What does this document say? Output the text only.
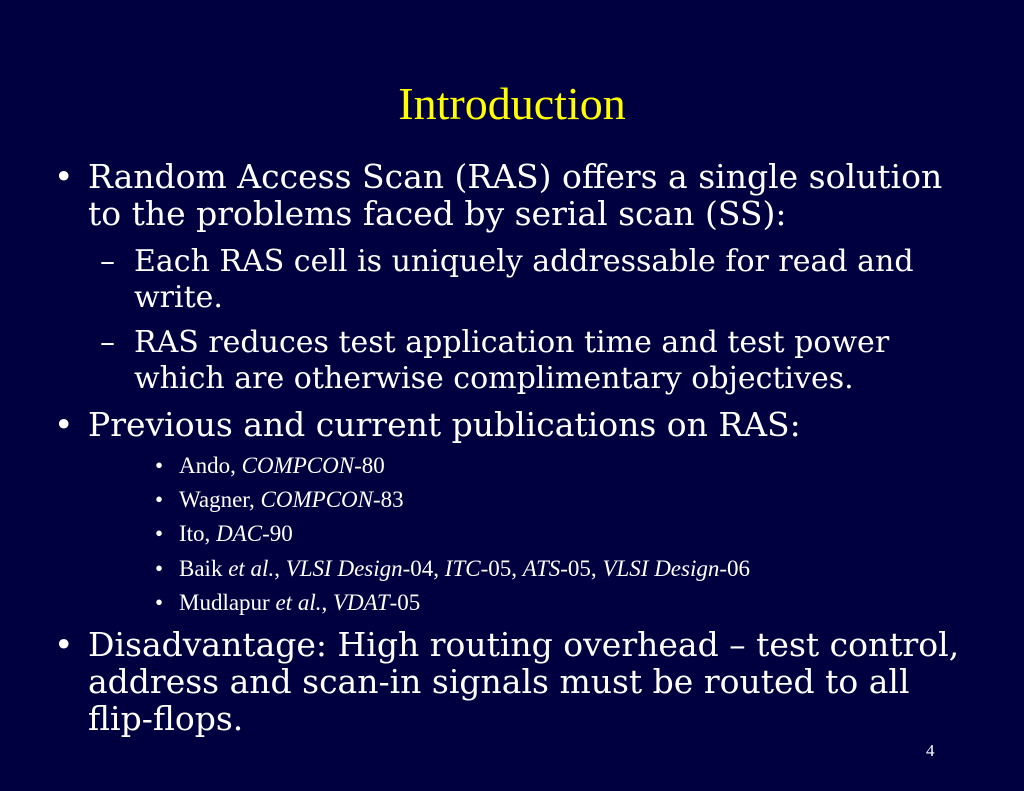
Introduction
• Random Access Scan (RAS) offers a single solution to the problems faced by serial scan (SS):
– Each RAS cell is uniquely addressable for read and write.
– RAS reduces test application time and test power which are otherwise complimentary objectives.
• Previous and current publications on RAS:
• Ando, COMPCON-80
• Wagner, COMPCON-83
• Ito, DAC-90
• Baik et al., VLSI Design-04, ITC-05, ATS-05, VLSI Design-06
• Mudlapur et al., VDAT-05
• Disadvantage: High routing overhead – test control, address and scan-in signals must be routed to all flip-flops.
4
